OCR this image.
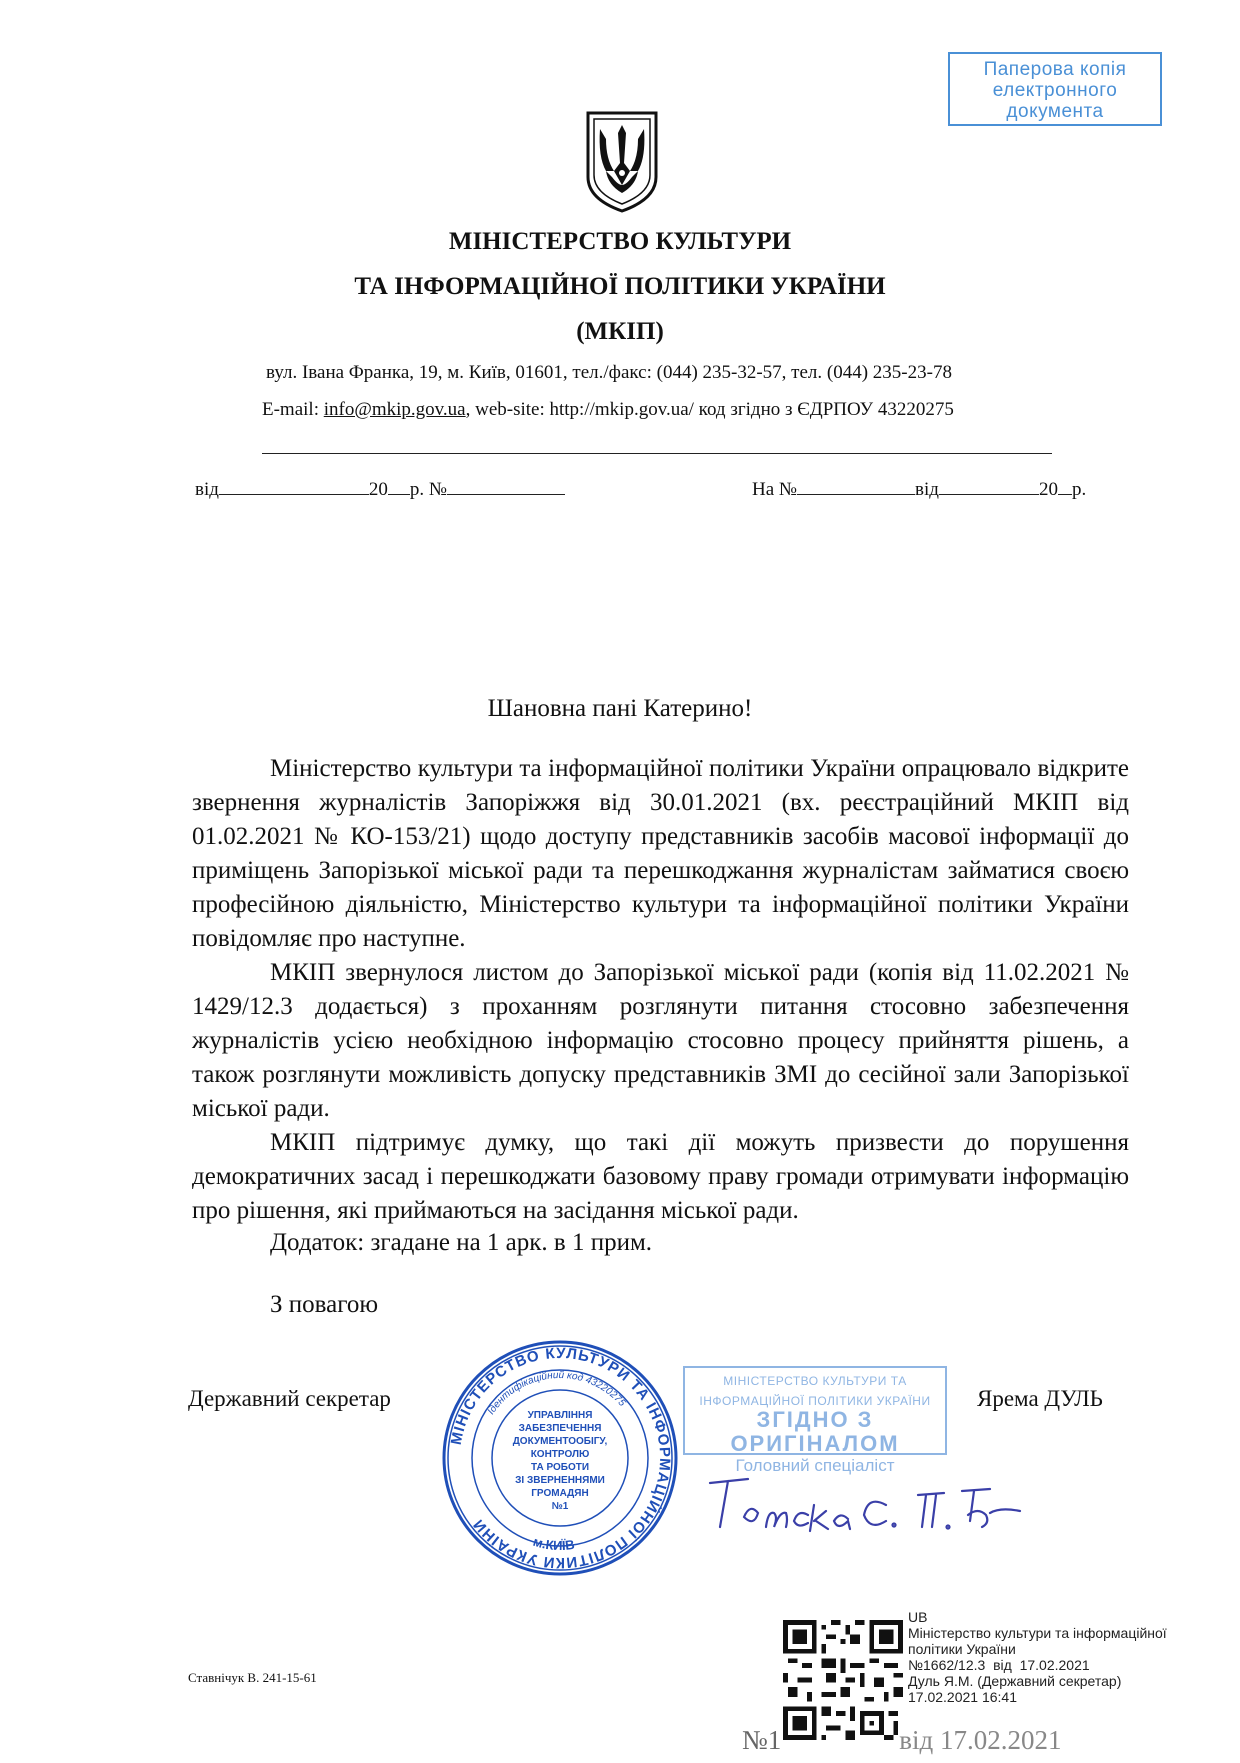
Паперова копія
електронного
документа
МІНІСТЕРСТВО КУЛЬТУРИ
ТА ІНФОРМАЦІЙНОЇ ПОЛІТИКИ УКРАЇНИ
(МКІП)
вул. Івана Франка, 19, м. Київ, 01601, тел./факс: (044) 235-32-57, тел. (044) 235-23-78
E-mail: info@mkip.gov.ua, web-site: http://mkip.gov.ua/ код згідно з ЄДРПОУ 43220275
від	20 р. №	На №	від	20 р.
Шановна пані Катерино!

Міністерство культури та інформаційної політики України опрацювало відкрите звернення журналістів Запоріжжя від 30.01.2021 (вх. реєстраційний МКІП від 01.02.2021 № КО-153/21) щодо доступу представників засобів масової інформації до приміщень Запорізької міської ради та перешкоджання журналістам займатися своєю професійною діяльністю, Міністерство культури та інформаційної політики України повідомляє про наступне.

МКІП звернулося листом до Запорізької міської ради (копія від 11.02.2021 № 1429/12.3 додається) з проханням розглянути питання стосовно забезпечення журналістів усією необхідною інформацію стосовно процесу прийняття рішень, а також розглянути можливість допуску представників ЗМІ до сесійної зали Запорізької міської ради.

МКІП підтримує думку, що такі дії можуть призвести до порушення демократичних засад і перешкоджати базовому праву громади отримувати інформацію про рішення, які приймаються на засідання міської ради.

Додаток: згадане на 1 арк. в 1 прим.
З повагою
Державний секретар	Ярема ДУЛЬ
МІНІСТЕРСТВО КУЛЬТУРИ ТА ІНФОРМАЦІЙНОЇ ПОЛІТИКИ УКРАЇНИ
Ідентифікаційний код 43220275
м.КИЇВ
УПРАВЛІННЯ
ЗАБЕЗПЕЧЕННЯ
ДОКУМЕНТООБІГУ,
КОНТРОЛЮ
ТА РОБОТИ
ЗІ ЗВЕРНЕННЯМИ
ГРОМАДЯН
№1
МІНІСТЕРСТВО КУЛЬТУРИ ТА
ІНФОРМАЦІЙНОЇ ПОЛІТИКИ УКРАЇНИ
ЗГІДНО З ОРИГІНАЛОМ
Головний спеціаліст
Ставнічук В. 241-15-61
UB
Міністерство культури та інформаційної
політики України
№1662/12.3  від  17.02.2021
Дуль Я.М. (Державний секретар)
17.02.2021 16:41
№1	від 17.02.2021
